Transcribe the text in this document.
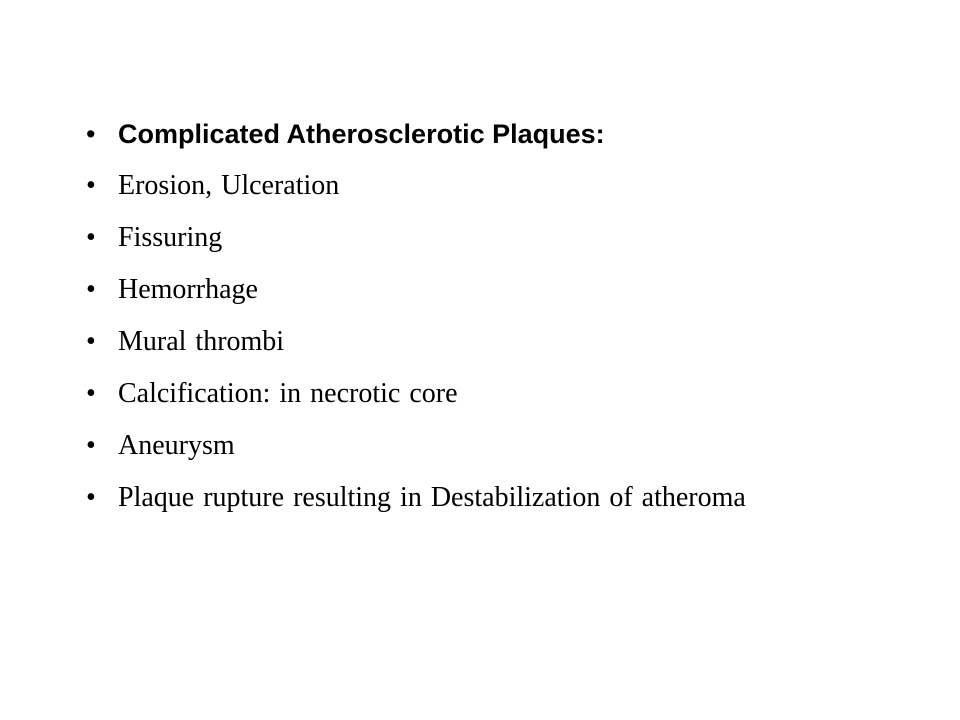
• Complicated Atherosclerotic Plaques:
• Erosion, Ulceration
• Fissuring
• Hemorrhage
• Mural thrombi
• Calcification: in necrotic core
• Aneurysm
• Plaque rupture resulting in Destabilization of atheroma
